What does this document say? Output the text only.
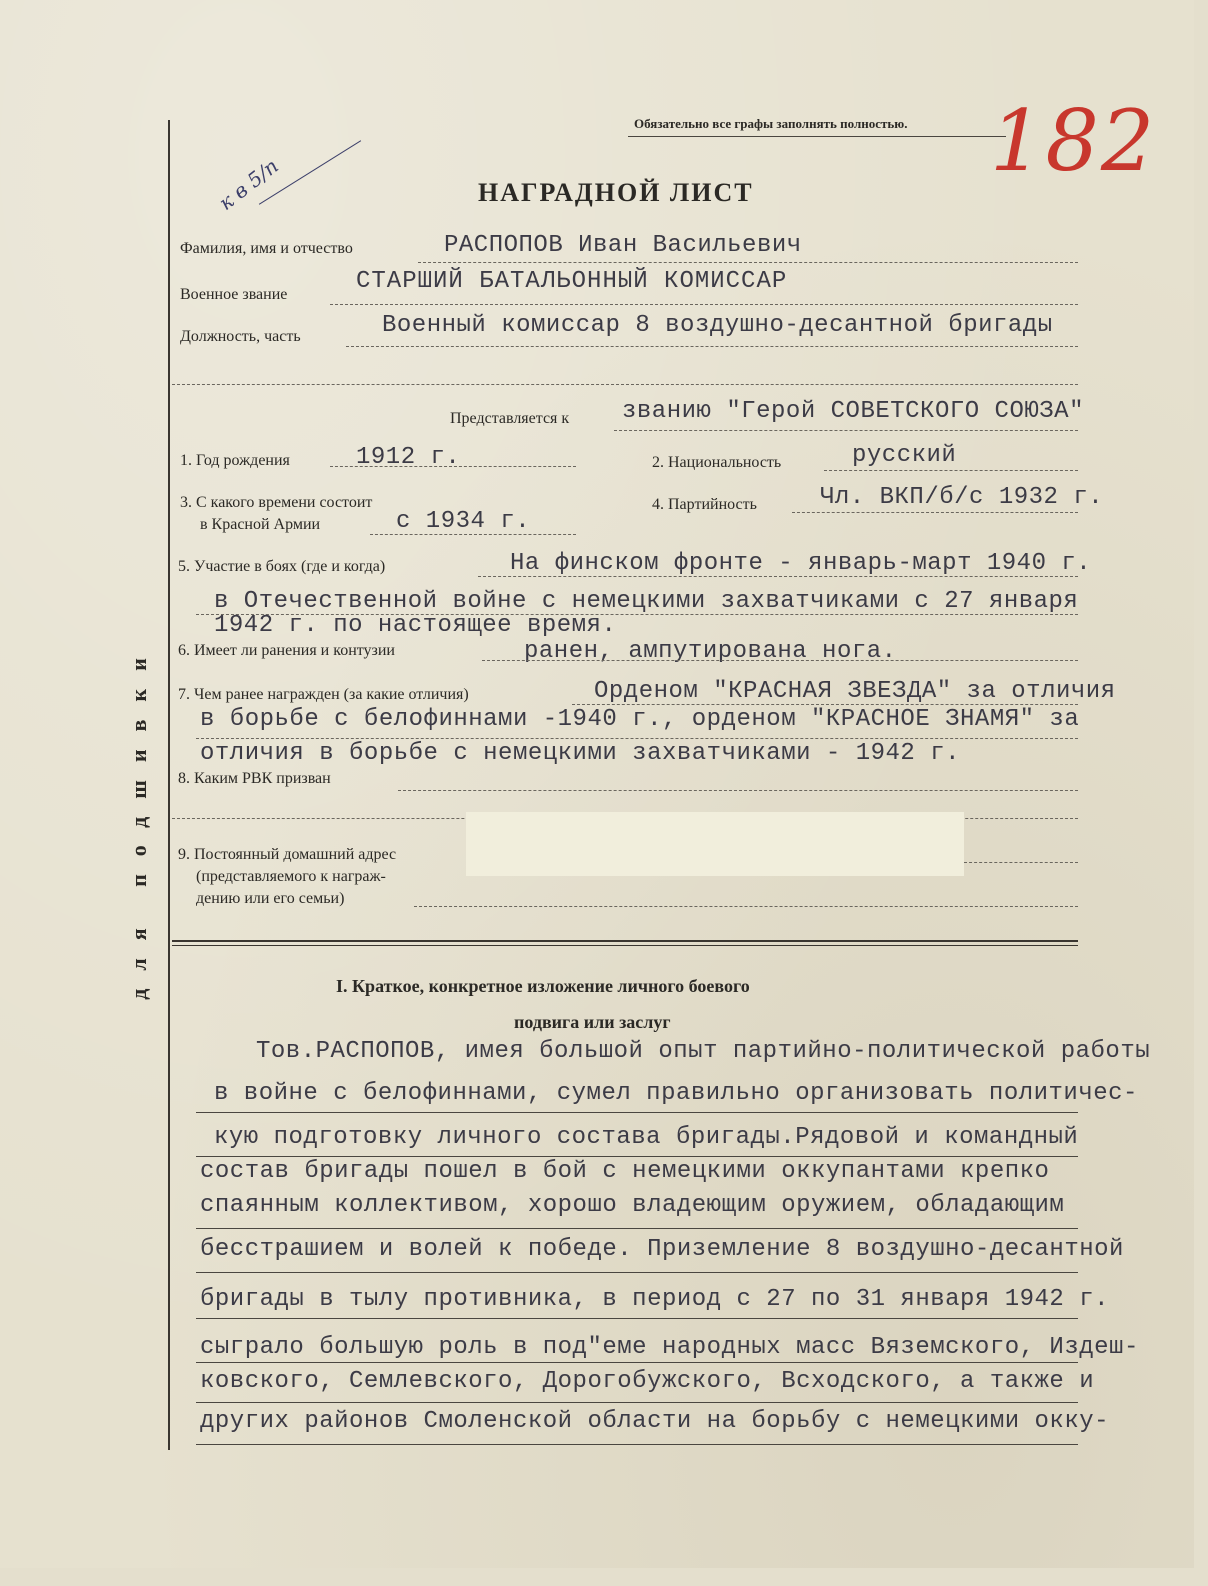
для подшивки
Обязательно все графы заполнять полностью. 182
к в 5/п	НАГРАДНОЙ ЛИСТ
Фамилия, имя и отчество	РАСПОПОВ Иван Васильевич
Военное звание	СТАРШИЙ БАТАЛЬОННЫЙ КОМИССАР
Должность, часть	Военный комиссар 8 воздушно-десантной бригады
Представляется к званию "Герой СОВЕТСКОГО СОЮЗА"
1. Год рождения	1912 г.	2. Национальность	русский
3. С какого времени состоит
в Красной Армии	с 1934 г.
4. Партийность	Чл. ВКП/б/с 1932 г.
5. Участие в боях (где и когда)	На финском фронте - январь-март 1940 г.
в Отечественной войне с немецкими захватчиками с 27 января
1942 г. по настоящее время.
6. Имеет ли ранения и контузии	ранен, ампутирована нога.
7. Чем ранее награжден (за какие отличия)	Орденом "КРАСНАЯ ЗВЕЗДА" за отличия
в борьбе с белофиннами -1940 г., орденом "КРАСНОЕ ЗНАМЯ" за
отличия в борьбе с немецкими захватчиками - 1942 г.
8. Каким РВК призван
9. Постоянный домашний адрес
(представляемого к награж-
дению или его семьи)
I. Краткое, конкретное изложение личного боевого
подвига или заслуг
Тов.РАСПОПОВ, имея большой опыт партийно-политической работы
в войне с белофиннами, сумел правильно организовать политичес-
кую подготовку личного состава бригады.Рядовой и командный
состав бригады пошел в бой с немецкими оккупантами крепко
спаянным коллективом, хорошо владеющим оружием, обладающим
бесстрашием и волей к победе. Приземление 8 воздушно-десантной
бригады в тылу противника, в период с 27 по 31 января 1942 г.
сыграло большую роль в под"еме народных масс Вяземского, Издеш-
ковского, Семлевского, Дорогобужского, Всходского, а также и
других районов Смоленской области на борьбу с немецкими окку-
